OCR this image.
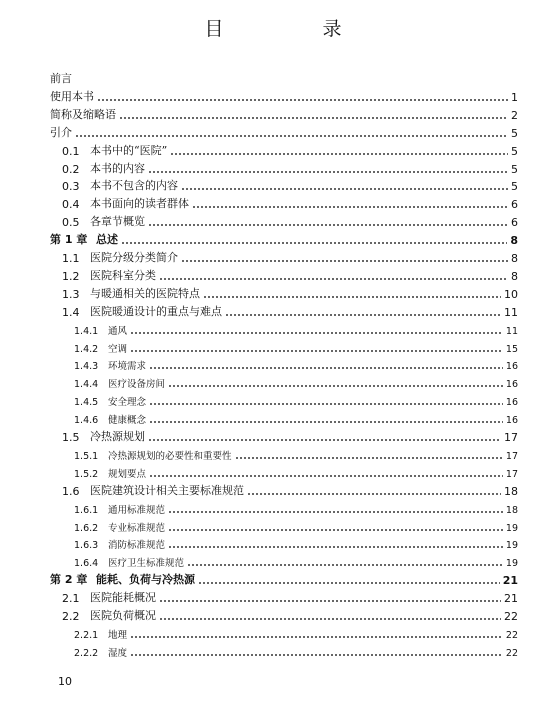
目　录
前言
使用本书	1
简称及缩略语	2
引介	5
0.1 本书中的“医院”	5
0.2 本书的内容	5
0.3 本书不包含的内容	5
0.4 本书面向的读者群体	6
0.5 各章节概览	6
第 1 章 总述	8
1.1 医院分级分类简介	8
1.2 医院科室分类	8
1.3 与暖通相关的医院特点	10
1.4 医院暖通设计的重点与难点	11
1.4.1	通风	11
1.4.2	空调	15
1.4.3	环境需求	16
1.4.4	医疗设备房间	16
1.4.5	安全理念	16
1.4.6	健康概念	16
1.5 冷热源规划	17
1.5.1	冷热源规划的必要性和重要性	17
1.5.2	规划要点	17
1.6 医院建筑设计相关主要标准规范	18
1.6.1	通用标准规范	18
1.6.2	专业标准规范	19
1.6.3	消防标准规范	19
1.6.4	医疗卫生标准规范	19
第 2 章 能耗、负荷与冷热源	21
2.1 医院能耗概况	21
2.2 医院负荷概况	22
2.2.1	地理	22
2.2.2	湿度	22
10
